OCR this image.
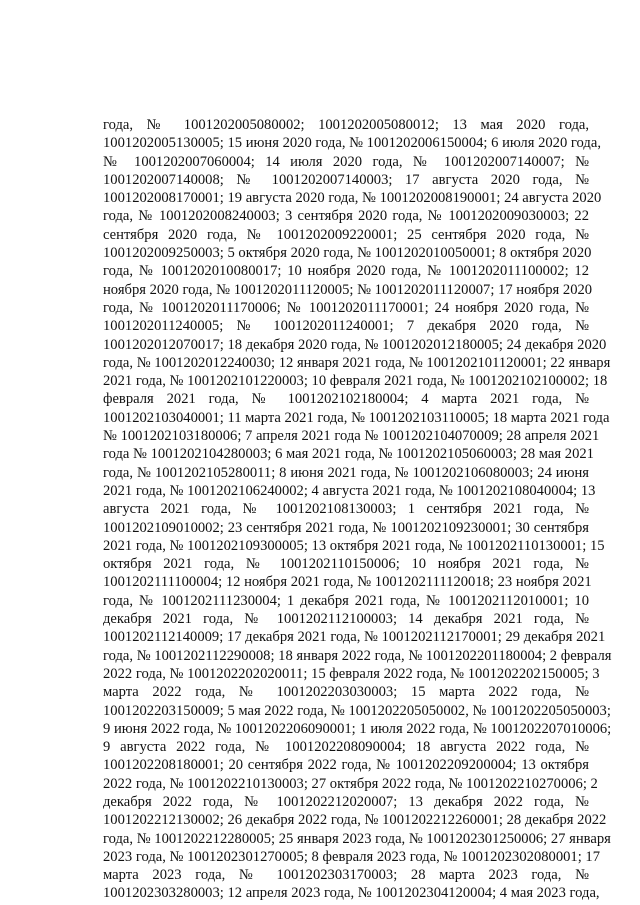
года, № 1001202005080002; 1001202005080012; 13 мая 2020 года,
1001202005130005; 15 июня 2020 года, № 1001202006150004; 6 июля 2020 года,
№ 1001202007060004; 14 июля 2020 года, № 1001202007140007; №
1001202007140008; № 1001202007140003; 17 августа 2020 года, №
1001202008170001; 19 августа 2020 года, № 1001202008190001; 24 августа 2020
года, № 1001202008240003; 3 сентября 2020 года, № 1001202009030003; 22
сентября 2020 года, № 1001202009220001; 25 сентября 2020 года, №
1001202009250003; 5 октября 2020 года, № 1001202010050001; 8 октября 2020
года, № 1001202010080017; 10 ноября 2020 года, № 1001202011100002; 12
ноября 2020 года, № 1001202011120005; № 1001202011120007; 17 ноября 2020
года, № 1001202011170006; № 1001202011170001; 24 ноября 2020 года, №
1001202011240005; № 1001202011240001; 7 декабря 2020 года, №
1001202012070017; 18 декабря 2020 года, № 1001202012180005; 24 декабря 2020
года, № 1001202012240030; 12 января 2021 года, № 1001202101120001; 22 января
2021 года, № 1001202101220003; 10 февраля 2021 года, № 1001202102100002; 18
февраля 2021 года, № 1001202102180004; 4 марта 2021 года, №
1001202103040001; 11 марта 2021 года, № 1001202103110005; 18 марта 2021 года
№ 1001202103180006; 7 апреля 2021 года № 1001202104070009; 28 апреля 2021
года № 1001202104280003; 6 мая 2021 года, № 1001202105060003; 28 мая 2021
года, № 1001202105280011; 8 июня 2021 года, № 1001202106080003; 24 июня
2021 года, № 1001202106240002; 4 августа 2021 года, № 1001202108040004; 13
августа 2021 года, № 1001202108130003; 1 сентября 2021 года, №
1001202109010002; 23 сентября 2021 года, № 1001202109230001; 30 сентября
2021 года, № 1001202109300005; 13 октября 2021 года, № 1001202110130001; 15
октября 2021 года, № 1001202110150006; 10 ноября 2021 года, №
1001202111100004; 12 ноября 2021 года, № 1001202111120018; 23 ноября 2021
года, № 1001202111230004; 1 декабря 2021 года, № 1001202112010001; 10
декабря 2021 года, № 1001202112100003; 14 декабря 2021 года, №
1001202112140009; 17 декабря 2021 года, № 1001202112170001; 29 декабря 2021
года, № 1001202112290008; 18 января 2022 года, № 1001202201180004; 2 февраля
2022 года, № 1001202202020011; 15 февраля 2022 года, № 1001202202150005; 3
марта 2022 года, № 1001202203030003; 15 марта 2022 года, №
1001202203150009; 5 мая 2022 года, № 1001202205050002, № 1001202205050003;
9 июня 2022 года, № 1001202206090001; 1 июля 2022 года, № 1001202207010006;
9 августа 2022 года, № 1001202208090004; 18 августа 2022 года, №
1001202208180001; 20 сентября 2022 года, № 1001202209200004; 13 октября
2022 года, № 1001202210130003; 27 октября 2022 года, № 1001202210270006; 2
декабря 2022 года, № 1001202212020007; 13 декабря 2022 года, №
1001202212130002; 26 декабря 2022 года, № 1001202212260001; 28 декабря 2022
года, № 1001202212280005; 25 января 2023 года, № 1001202301250006; 27 января
2023 года, № 1001202301270005; 8 февраля 2023 года, № 1001202302080001; 17
марта 2023 года, № 1001202303170003; 28 марта 2023 года, №
1001202303280003; 12 апреля 2023 года, № 1001202304120004; 4 мая 2023 года,
